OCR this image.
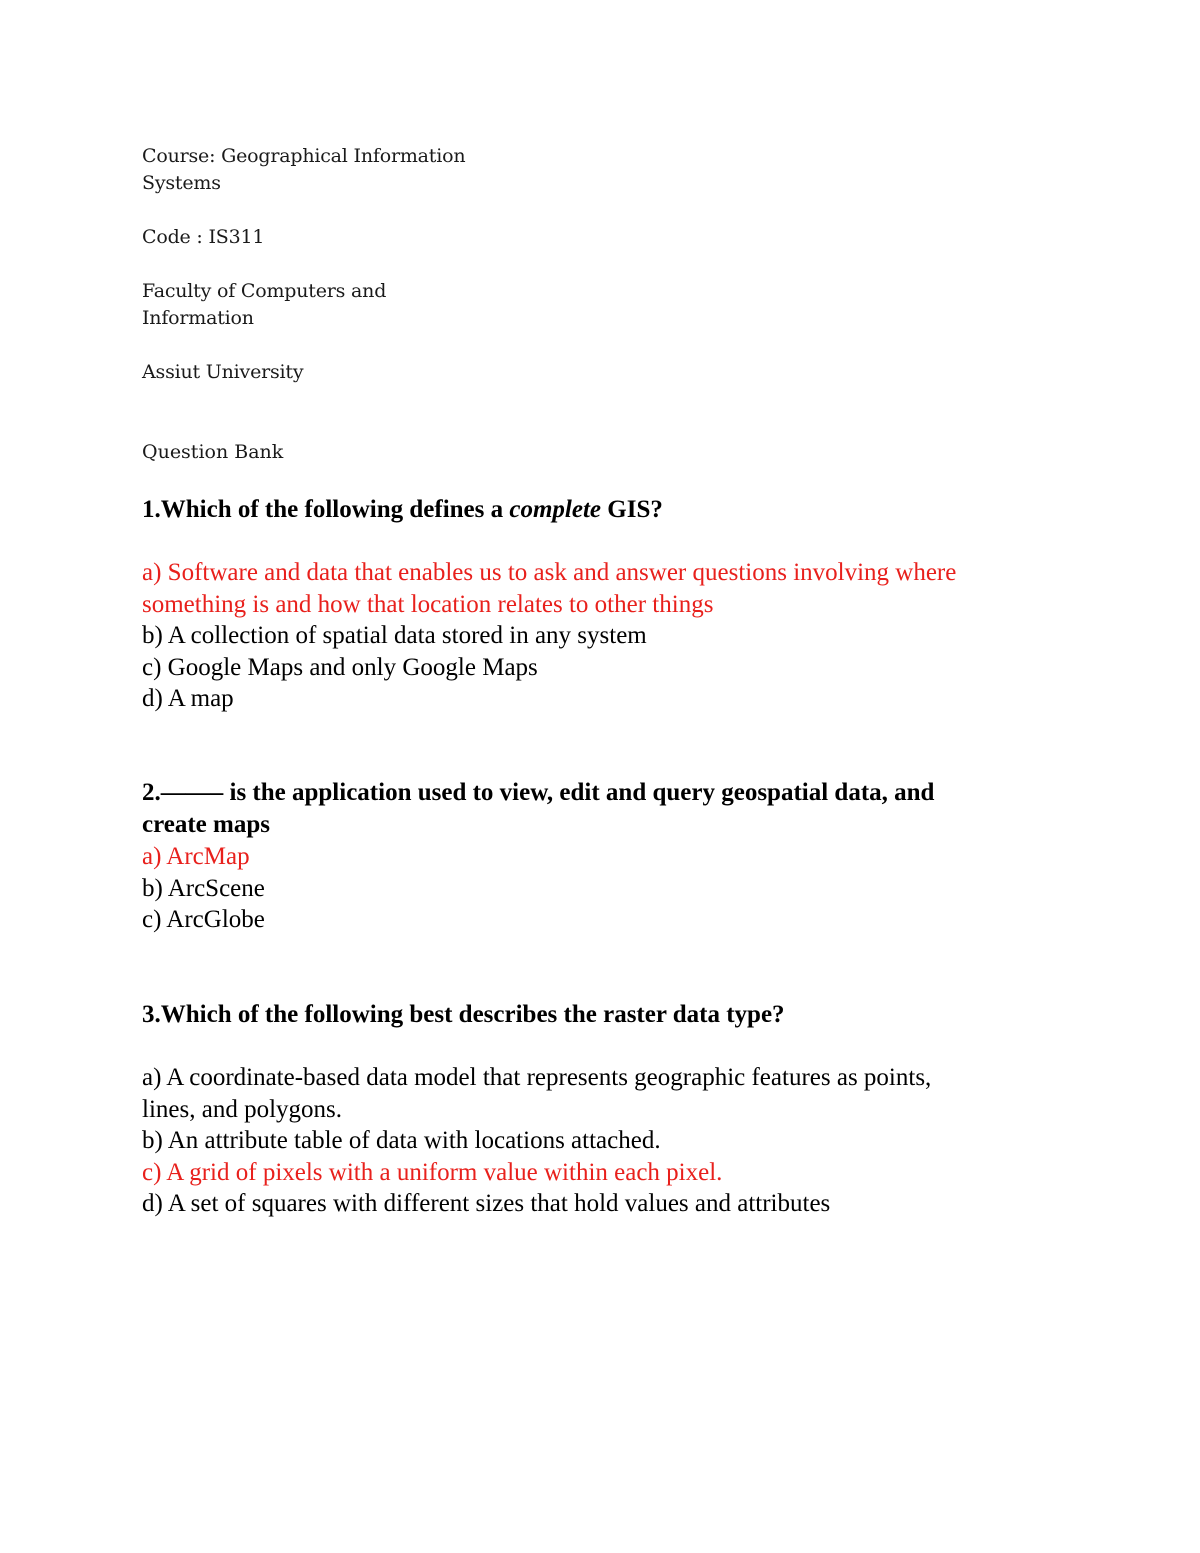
Course: Geographical Information
Systems
Code : IS311
Faculty of Computers and
Information
Assiut University
Question Bank
1.Which of the following defines a complete GIS?
a) Software and data that enables us to ask and answer questions involving where
something is and how that location relates to other things
b) A collection of spatial data stored in any system
c) Google Maps and only Google Maps
d) A map
2.——– is the application used to view, edit and query geospatial data, and
create maps
a) ArcMap
b) ArcScene
c) ArcGlobe
3.Which of the following best describes the raster data type?
a) A coordinate-based data model that represents geographic features as points,
lines, and polygons.
b) An attribute table of data with locations attached.
c) A grid of pixels with a uniform value within each pixel.
d) A set of squares with different sizes that hold values and attributes
